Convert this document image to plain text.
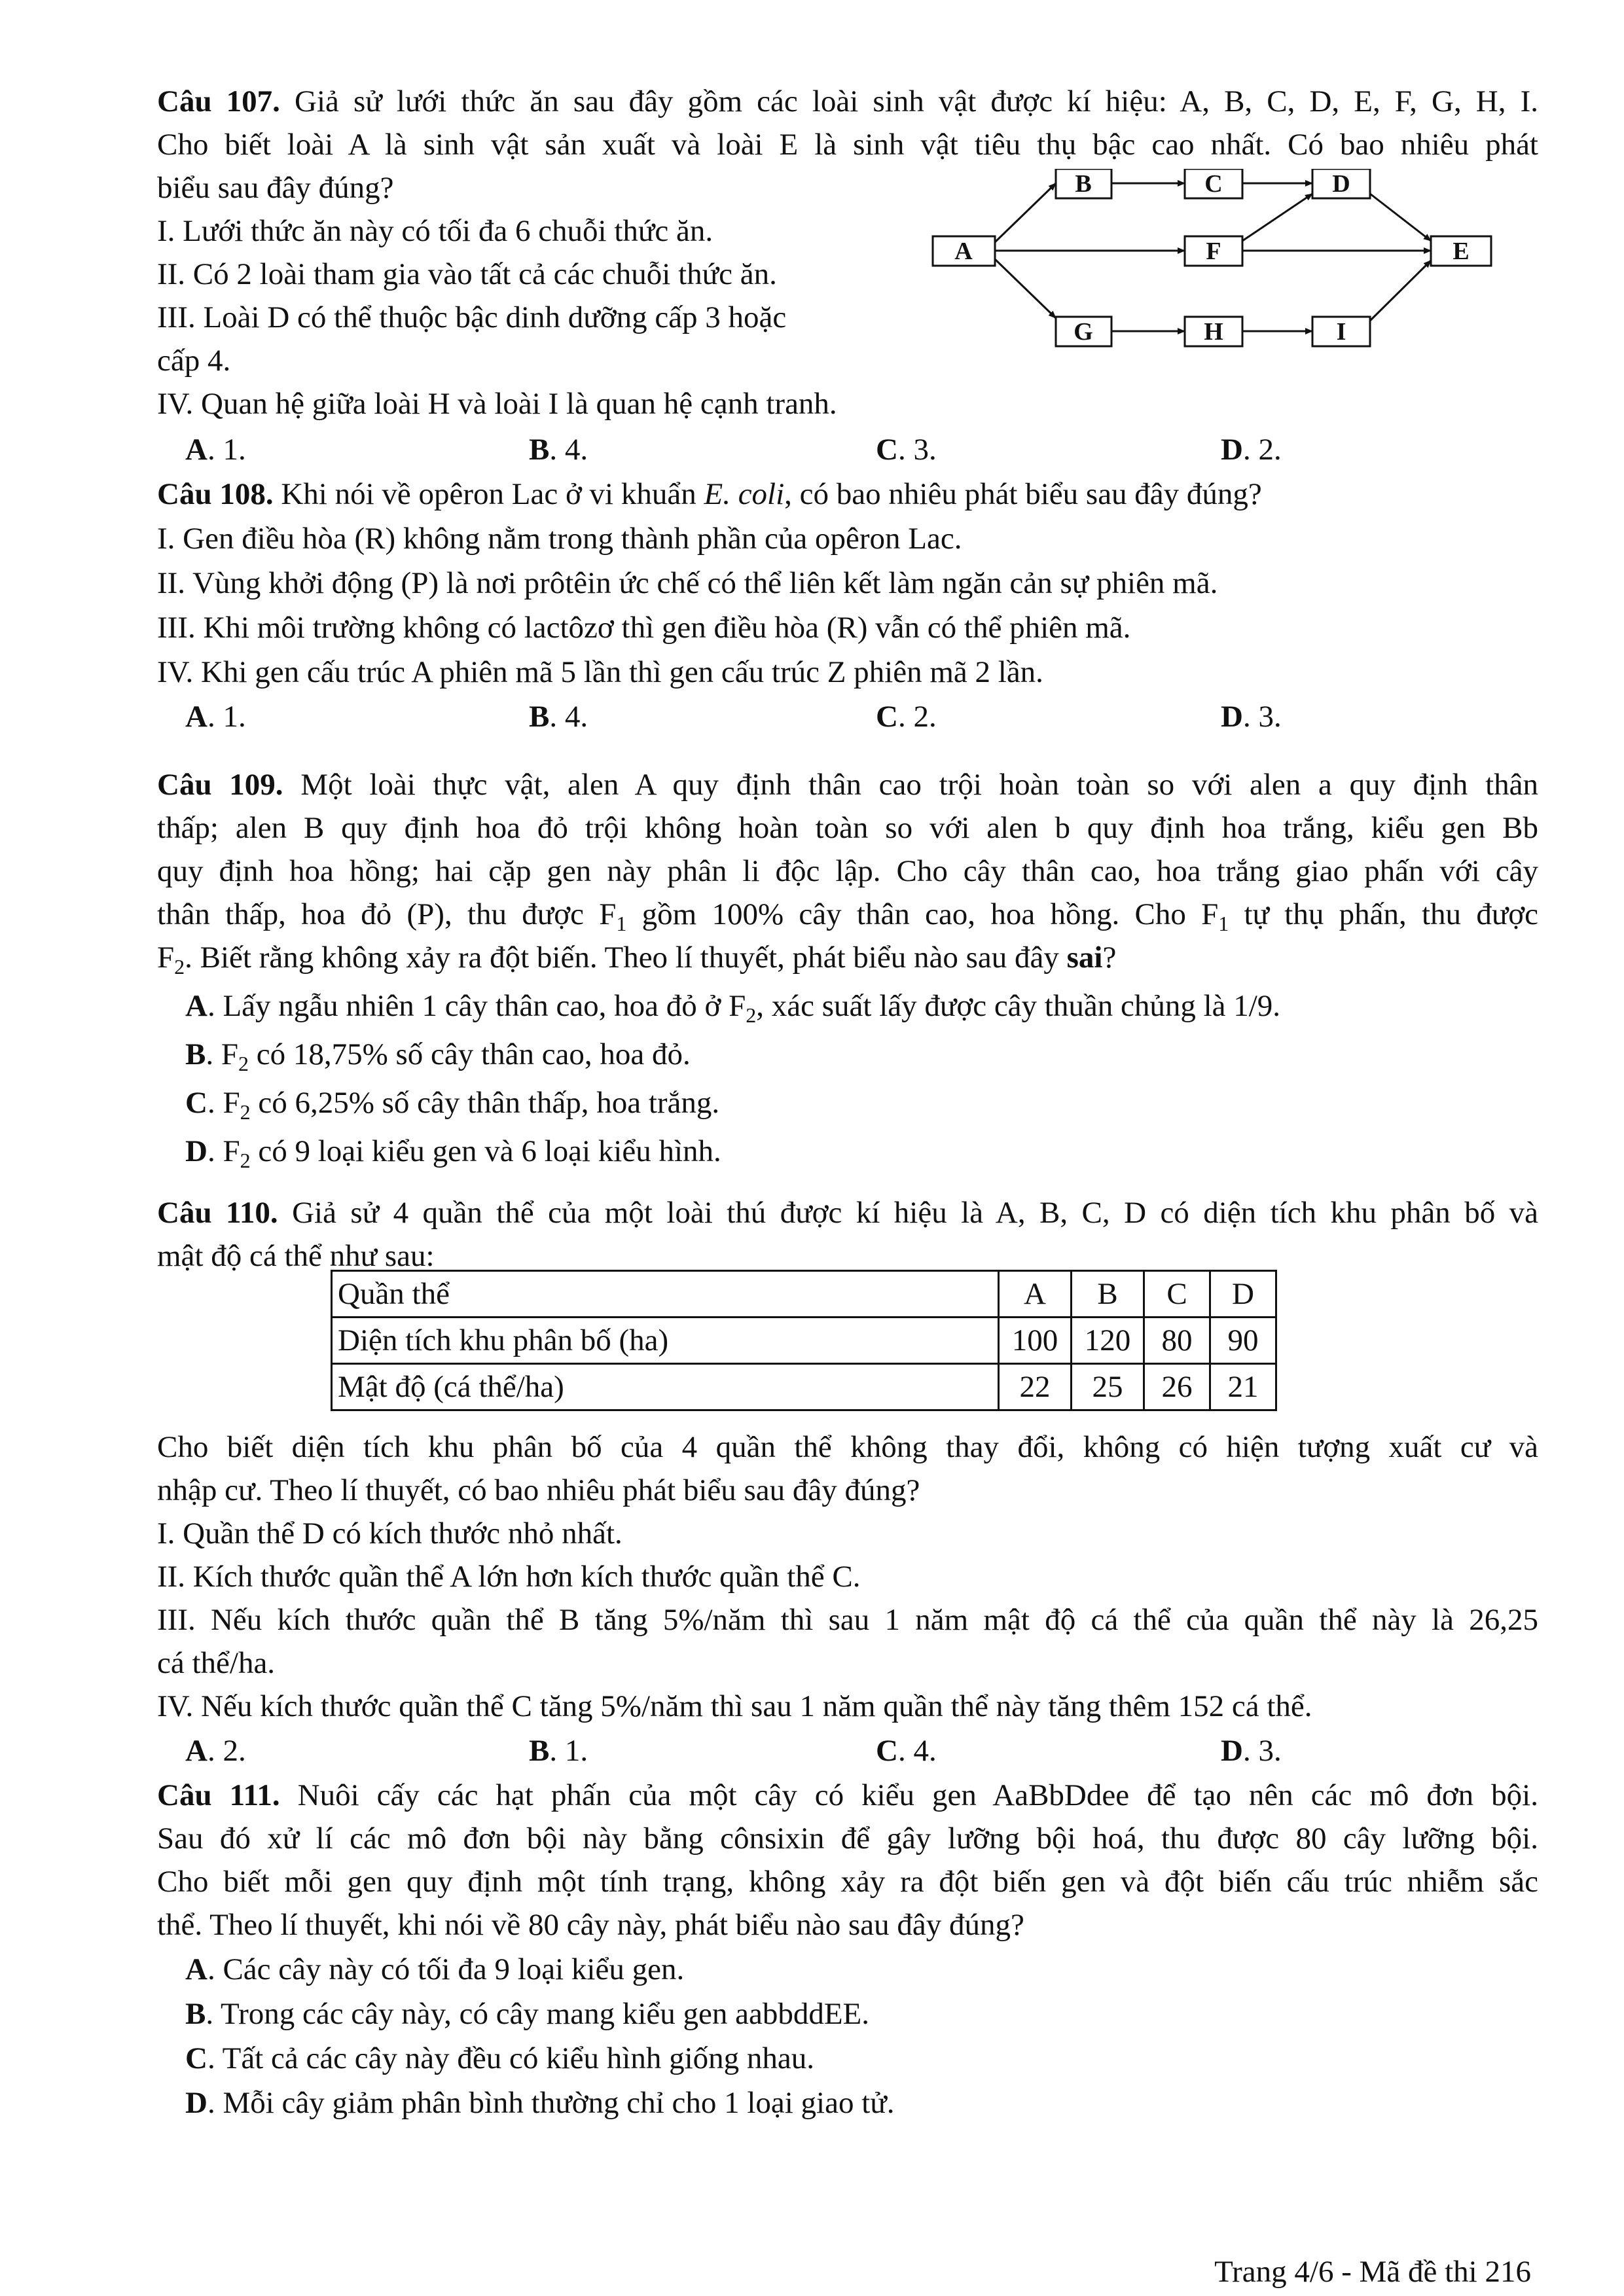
Câu 107. Giả sử lưới thức ăn sau đây gồm các loài sinh vật được kí hiệu: A, B, C, D, E, F, G, H, I.
Cho biết loài A là sinh vật sản xuất và loài E là sinh vật tiêu thụ bậc cao nhất. Có bao nhiêu phát
biểu sau đây đúng?
I. Lưới thức ăn này có tối đa 6 chuỗi thức ăn.
II. Có 2 loài tham gia vào tất cả các chuỗi thức ăn.
III. Loài D có thể thuộc bậc dinh dưỡng cấp 3 hoặc
cấp 4.
IV. Quan hệ giữa loài H và loài I là quan hệ cạnh tranh.
A. 1.	B. 4.	C. 3.	D. 2.
A
B	C	D
F	E
G	H	I
Câu 108. Khi nói về opêron Lac ở vi khuẩn E. coli, có bao nhiêu phát biểu sau đây đúng?
I. Gen điều hòa (R) không nằm trong thành phần của opêron Lac.
II. Vùng khởi động (P) là nơi prôtêin ức chế có thể liên kết làm ngăn cản sự phiên mã.
III. Khi môi trường không có lactôzơ thì gen điều hòa (R) vẫn có thể phiên mã.
IV. Khi gen cấu trúc A phiên mã 5 lần thì gen cấu trúc Z phiên mã 2 lần.
A. 1.	B. 4.	C. 2.	D. 3.
Câu 109. Một loài thực vật, alen A quy định thân cao trội hoàn toàn so với alen a quy định thân
thấp; alen B quy định hoa đỏ trội không hoàn toàn so với alen b quy định hoa trắng, kiểu gen Bb
quy định hoa hồng; hai cặp gen này phân li độc lập. Cho cây thân cao, hoa trắng giao phấn với cây
thân thấp, hoa đỏ (P), thu được $F_1$ gồm 100% cây thân cao, hoa hồng. Cho $F_1$ tự thụ phấn, thu được
$F_2$. Biết rằng không xảy ra đột biến. Theo lí thuyết, phát biểu nào sau đây sai?
A. Lấy ngẫu nhiên 1 cây thân cao, hoa đỏ ở $F_2$, xác suất lấy được cây thuần chủng là 1/9.
B. $F_2$ có 18,75% số cây thân cao, hoa đỏ.
C. $F_2$ có 6,25% số cây thân thấp, hoa trắng.
D. $F_2$ có 9 loại kiểu gen và 6 loại kiểu hình.
Câu 110. Giả sử 4 quần thể của một loài thú được kí hiệu là A, B, C, D có diện tích khu phân bố và
mật độ cá thể như sau:
Quần thể	A	B	C	D
Diện tích khu phân bố (ha)	100	120	80	90
Mật độ (cá thể/ha)	22	25	26	21
Cho biết diện tích khu phân bố của 4 quần thể không thay đổi, không có hiện tượng xuất cư và
nhập cư. Theo lí thuyết, có bao nhiêu phát biểu sau đây đúng?
I. Quần thể D có kích thước nhỏ nhất.
II. Kích thước quần thể A lớn hơn kích thước quần thể C.
III. Nếu kích thước quần thể B tăng 5%/năm thì sau 1 năm mật độ cá thể của quần thể này là 26,25
cá thể/ha.
IV. Nếu kích thước quần thể C tăng 5%/năm thì sau 1 năm quần thể này tăng thêm 152 cá thể.
A. 2.	B. 1.	C. 4.	D. 3.
Câu 111. Nuôi cấy các hạt phấn của một cây có kiểu gen AaBbDdee để tạo nên các mô đơn bội.
Sau đó xử lí các mô đơn bội này bằng cônsixin để gây lưỡng bội hoá, thu được 80 cây lưỡng bội.
Cho biết mỗi gen quy định một tính trạng, không xảy ra đột biến gen và đột biến cấu trúc nhiễm sắc
thể. Theo lí thuyết, khi nói về 80 cây này, phát biểu nào sau đây đúng?
A. Các cây này có tối đa 9 loại kiểu gen.
B. Trong các cây này, có cây mang kiểu gen aabbddEE.
C. Tất cả các cây này đều có kiểu hình giống nhau.
D. Mỗi cây giảm phân bình thường chỉ cho 1 loại giao tử.
Trang 4/6 - Mã đề thi 216
